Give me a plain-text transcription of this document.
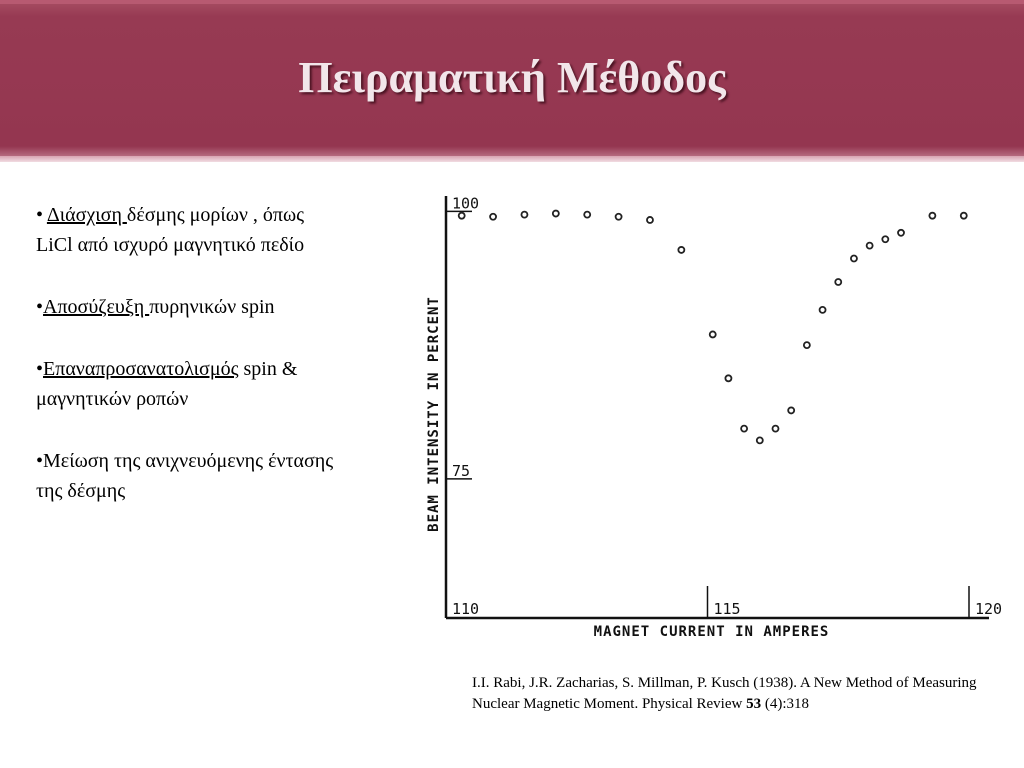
Πειραματική Μέθοδος
• Διάσχιση δέσμης μορίων , όπως LiCl από ισχυρό μαγνητικό πεδίο
•Αποσύζευξη πυρηνικών spin
•Επαναπροσανατολισμός spin & μαγνητικών ροπών
•Μείωση της ανιχνευόμενης έντασης της δέσμης	BEAM INTENSITY IN PERCENT
MAGNET CURRENT IN AMPERES
100
75
110	115	120
I.I. Rabi, J.R. Zacharias, S. Millman, P. Kusch (1938). A New Method of Measuring Nuclear Magnetic Moment. Physical Review 53 (4):318
